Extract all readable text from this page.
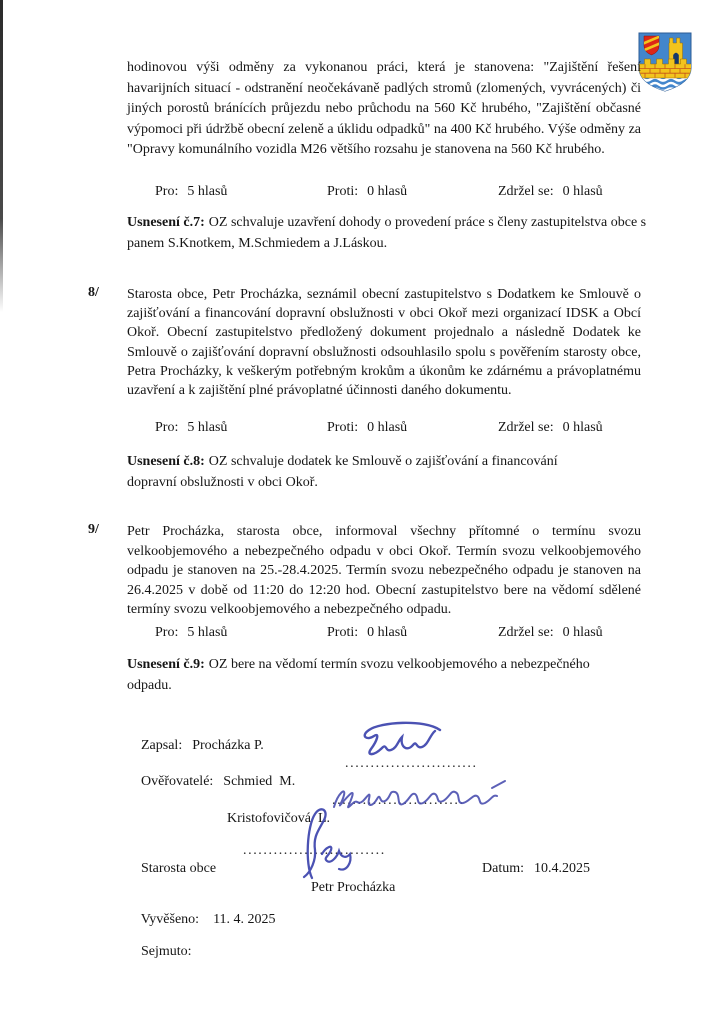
hodinovou výši odměny za vykonanou práci, která je stanovena: "Zajištění řešení havarijních situací - odstranění neočekávaně padlých stromů (zlomených, vyvrácených) či jiných porostů bránících průjezdu nebo průchodu na 560 Kč hrubého, "Zajištění občasné výpomoci při údržbě obecní zeleně a úklidu odpadků" na 400 Kč hrubého. Výše odměny za "Opravy komunálního vozidla M26 většího rozsahu je stanovena na 560 Kč hrubého.
Pro: 5 hlasů	Proti: 0 hlasů	Zdržel se: 0 hlasů
Usnesení č.7: OZ schvaluje uzavření dohody o provedení práce s členy zastupitelstva obce s panem S.Knotkem, M.Schmiedem a J.Láskou.
8/ Starosta obce, Petr Procházka, seznámil obecní zastupitelstvo s Dodatkem ke Smlouvě o zajišťování a financování dopravní obslužnosti v obci Okoř mezi organizací IDSK a Obcí Okoř. Obecní zastupitelstvo předložený dokument projednalo a následně Dodatek ke Smlouvě o zajišťování dopravní obslužnosti odsouhlasilo spolu s pověřením starosty obce, Petra Procházky, k veškerým potřebným krokům a úkonům ke zdárnému a právoplatnému uzavření a k zajištění plné právoplatné účinnosti daného dokumentu.
Pro: 5 hlasů	Proti: 0 hlasů	Zdržel se: 0 hlasů
Usnesení č.8: OZ schvaluje dodatek ke Smlouvě o zajišťování a financování dopravní obslužnosti v obci Okoř.
9/ Petr Procházka, starosta obce, informoval všechny přítomné o termínu svozu velkoobjemového a nebezpečného odpadu v obci Okoř. Termín svozu velkoobjemového odpadu je stanoven na 25.-28.4.2025. Termín svozu nebezpečného odpadu je stanoven na 26.4.2025 v době od 11:20 do 12:20 hod. Obecní zastupitelstvo bere na vědomí sdělené termíny svozu velkoobjemového a nebezpečného odpadu.
Pro: 5 hlasů	Proti: 0 hlasů	Zdržel se: 0 hlasů
Usnesení č.9: OZ bere na vědomí termín svozu velkoobjemového a nebezpečného odpadu.

Zapsal: Procházka P.

Ověřovatelé: Schmied  M.

..........................

Kristofovičová  L.

..........................

Starosta obce

............................

Datum: 10.4.2025

Petr Procházka

Vyvěšeno: 11. 4. 2025

Sejmuto:
